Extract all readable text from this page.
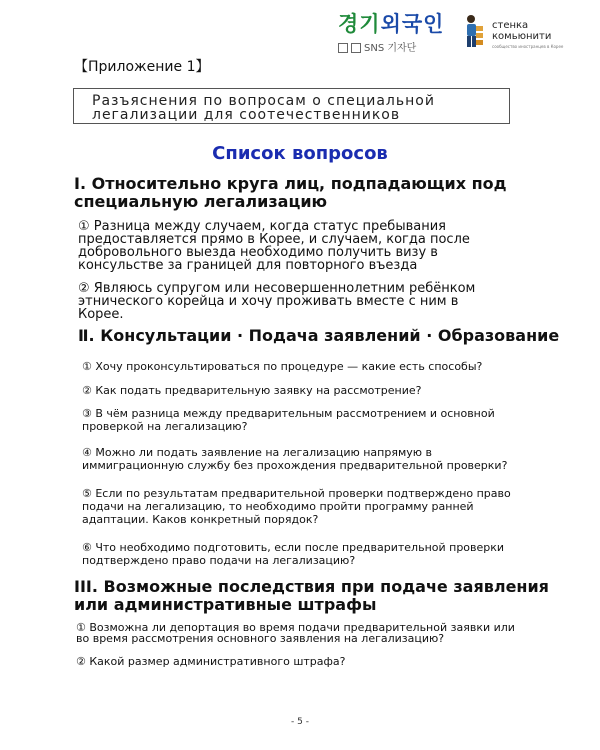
경기외국인
SNS 기자단
стенка
комьюнити
сообщество иностранцев в Корее
【Приложение 1】
Разъяснения по вопросам о специальной
легализации для соотечественников
Список вопросов
Ⅰ. Относительно круга лиц, подпадающих под
специальную легализацию
① Разница между случаем, когда статус пребывания
предоставляется прямо в Корее, и случаем, когда после
добровольного выезда необходимо получить визу в
консульстве за границей для повторного въезда
② Являюсь супругом или несовершеннолетним ребёнком
этнического корейца и хочу проживать вместе с ним в
Корее.
Ⅱ. Консультации · Подача заявлений · Образование
① Хочу проконсультироваться по процедуре — какие есть способы?
② Как подать предварительную заявку на рассмотрение?
③ В чём разница между предварительным рассмотрением и основной
проверкой на легализацию?
④ Можно ли подать заявление на легализацию напрямую в
иммиграционную службу без прохождения предварительной проверки?
⑤ Если по результатам предварительной проверки подтверждено право
подачи на легализацию, то необходимо пройти программу ранней
адаптации. Каков конкретный порядок?
⑥ Что необходимо подготовить, если после предварительной проверки
подтверждено право подачи на легализацию?
III. Возможные последствия при подаче заявления
или административные штрафы
① Возможна ли депортация во время подачи предварительной заявки или
во время рассмотрения основного заявления на легализацию?
② Какой размер административного штрафа?
- 5 -
